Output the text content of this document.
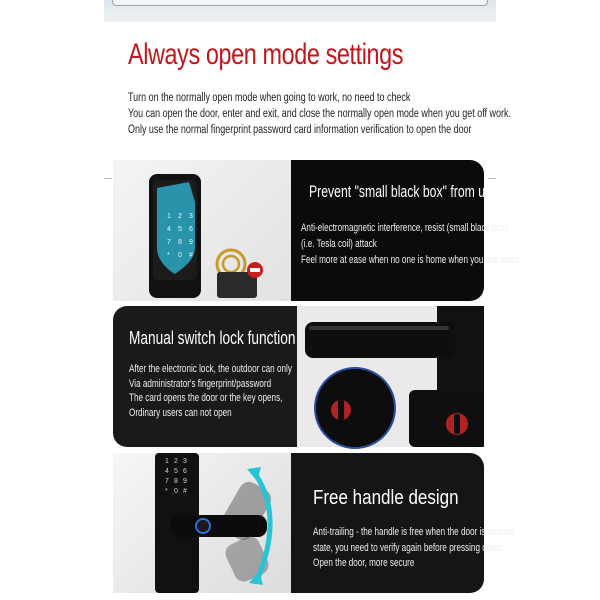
Always open mode settings
Turn on the normally open mode when going to work, no need to check
You can open the door, enter and exit, and close the normally open mode when you get off work.
Only use the normal fingerprint password card information verification to open the door
1 2 3
4 5 6
7 8 9
* 0 #
Prevent "small black box" from unlocking
Anti-electromagnetic interference, resist (small black box)
(i.e. Tesla coil) attack
Feel more at ease when no one is home when you are away.
Manual switch lock function
After the electronic lock, the outdoor can only
Via administrator's fingerprint/password
The card opens the door or the key opens,
Ordinary users can not open
1 2 3
4 5 6
7 8 9
* 0 #	Free handle design
Anti-trailing - the handle is free when the door is opened
state, you need to verify again before pressing down
Open the door, more secure
